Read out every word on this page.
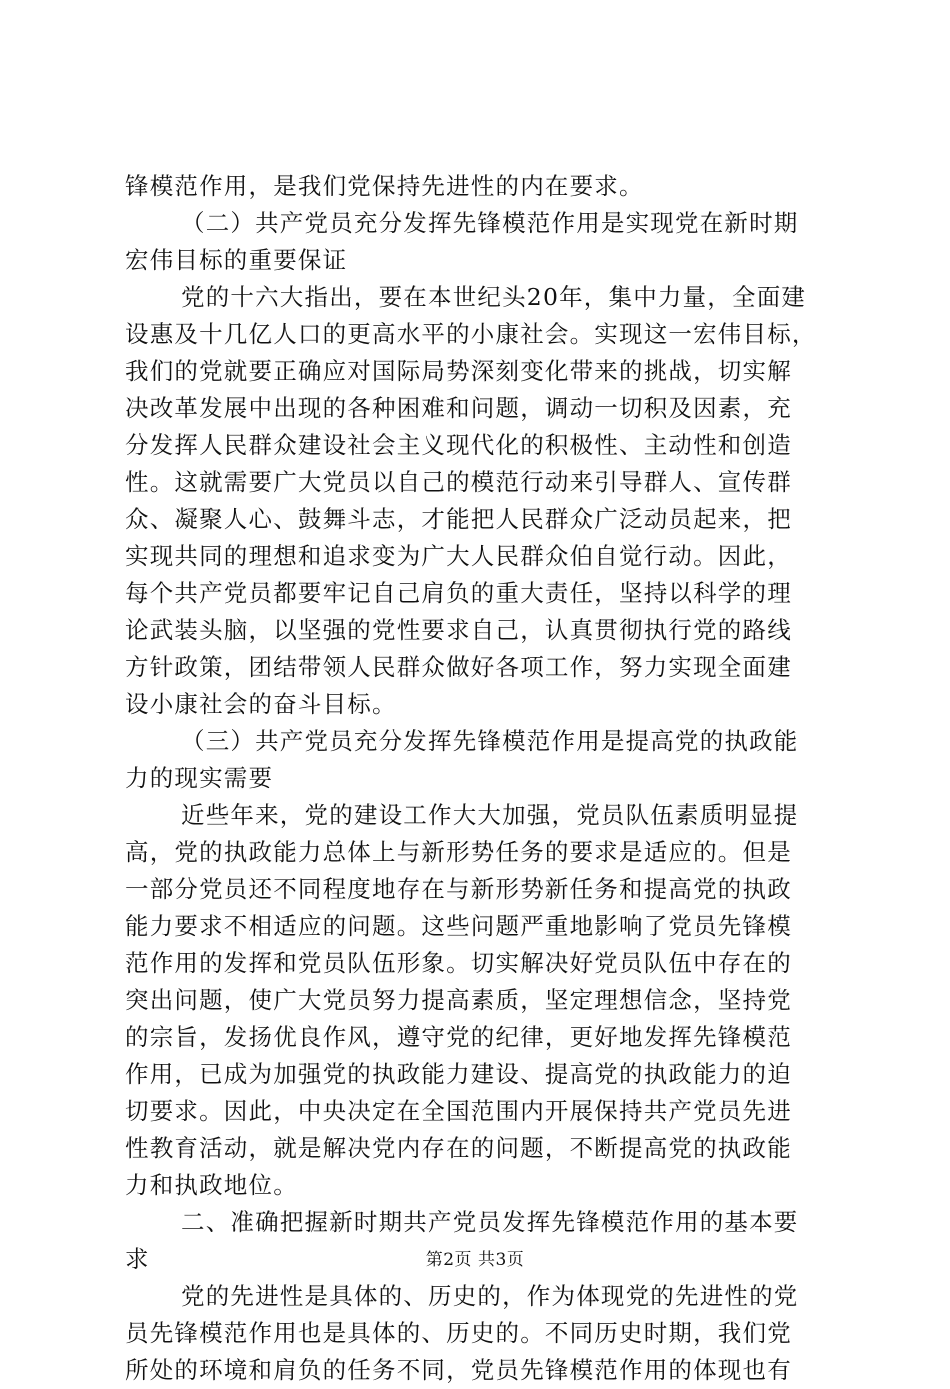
锋模范作用，是我们党保持先进性的内在要求。
（二）共产党员充分发挥先锋模范作用是实现党在新时期
宏伟目标的重要保证
党的十六大指出，要在本世纪头20年，集中力量，全面建
设惠及十几亿人口的更高水平的小康社会。实现这一宏伟目标，
我们的党就要正确应对国际局势深刻变化带来的挑战，切实解
决改革发展中出现的各种困难和问题，调动一切积及因素，充
分发挥人民群众建设社会主义现代化的积极性、主动性和创造
性。这就需要广大党员以自己的模范行动来引导群人、宣传群
众、凝聚人心、鼓舞斗志，才能把人民群众广泛动员起来，把
实现共同的理想和追求变为广大人民群众伯自觉行动。因此，
每个共产党员都要牢记自己肩负的重大责任，坚持以科学的理
论武装头脑，以坚强的党性要求自己，认真贯彻执行党的路线
方针政策，团结带领人民群众做好各项工作，努力实现全面建
设小康社会的奋斗目标。
（三）共产党员充分发挥先锋模范作用是提高党的执政能
力的现实需要
近些年来，党的建设工作大大加强，党员队伍素质明显提
高，党的执政能力总体上与新形势任务的要求是适应的。但是
一部分党员还不同程度地存在与新形势新任务和提高党的执政
能力要求不相适应的问题。这些问题严重地影响了党员先锋模
范作用的发挥和党员队伍形象。切实解决好党员队伍中存在的
突出问题，使广大党员努力提高素质，坚定理想信念，坚持党
的宗旨，发扬优良作风，遵守党的纪律，更好地发挥先锋模范
作用，已成为加强党的执政能力建设、提高党的执政能力的迫
切要求。因此，中央决定在全国范围内开展保持共产党员先进
性教育活动，就是解决党内存在的问题，不断提高党的执政能
力和执政地位。
二、准确把握新时期共产党员发挥先锋模范作用的基本要
求
党的先进性是具体的、历史的，作为体现党的先进性的党
员先锋模范作用也是具体的、历史的。不同历史时期，我们党
所处的环境和肩负的任务不同，党员先锋模范作用的体现也有
第2页 共3页
